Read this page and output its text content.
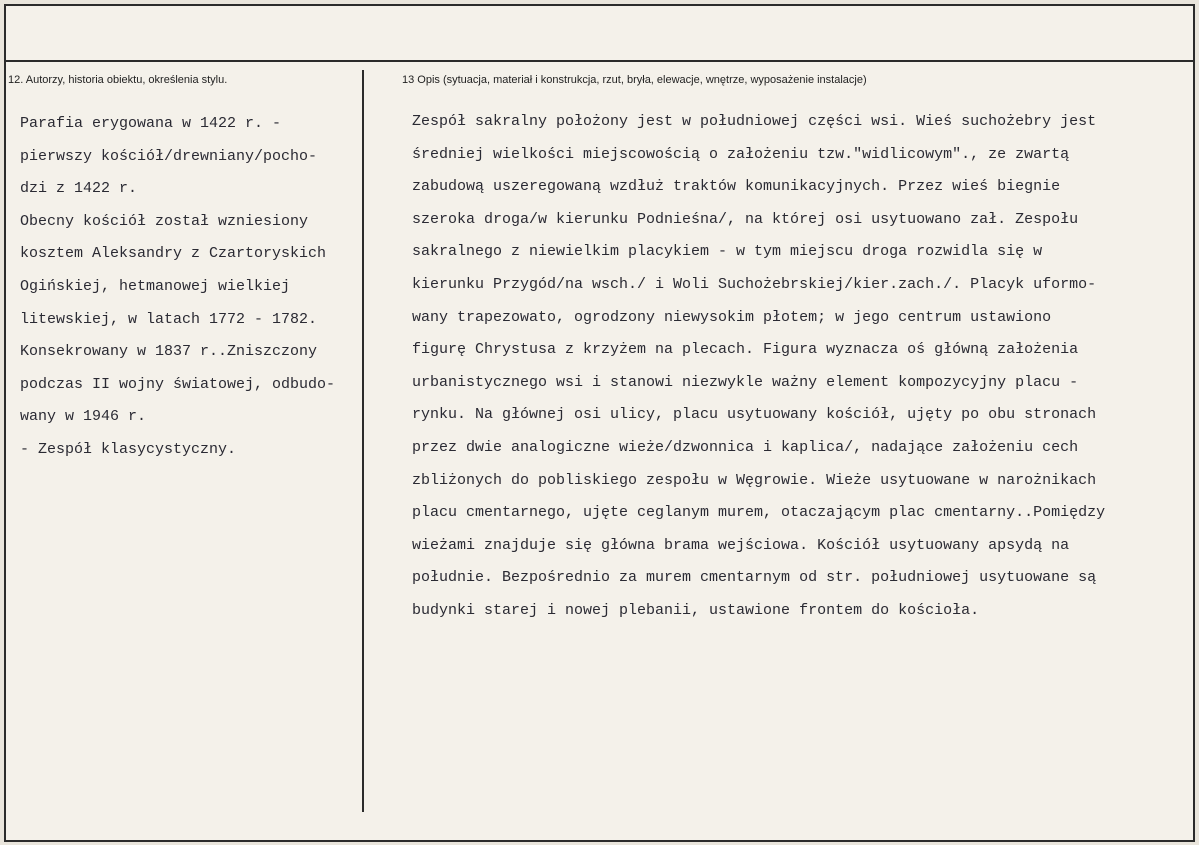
12. Autorzy, historia obiektu, określenia stylu.	13 Opis (sytuacja, materiał i konstrukcja, rzut, bryła, elewacje, wnętrze, wyposażenie instalacje)
Parafia erygowana w 1422 r. -
pierwszy kościół/drewniany/pocho-
dzi z 1422 r.
Obecny kościół został wzniesiony
kosztem Aleksandry z Czartoryskich
Ogińskiej, hetmanowej wielkiej
litewskiej, w latach 1772 - 1782.
Konsekrowany w 1837 r..Zniszczony
podczas II wojny światowej, odbudo-
wany w 1946 r.
- Zespół klasycystyczny.
Zespół sakralny położony jest w południowej części wsi. Wieś suchożebry jest
średniej wielkości miejscowością o założeniu tzw."widlicowym"., ze zwartą
zabudową uszeregowaną wzdłuż traktów komunikacyjnych. Przez wieś biegnie
szeroka droga/w kierunku Podnieśna/, na której osi usytuowano zał. Zespołu
sakralnego z niewielkim placykiem - w tym miejscu droga rozwidla się w
kierunku Przygód/na wsch./ i Woli Suchożebrskiej/kier.zach./. Placyk uformo-
wany trapezowato, ogrodzony niewysokim płotem; w jego centrum ustawiono
figurę Chrystusa z krzyżem na plecach. Figura wyznacza oś główną założenia
urbanistycznego wsi i stanowi niezwykle ważny element kompozycyjny placu -
rynku. Na głównej osi ulicy, placu usytuowany kościół, ujęty po obu stronach
przez dwie analogiczne wieże/dzwonnica i kaplica/, nadające założeniu cech
zbliżonych do pobliskiego zespołu w Węgrowie. Wieże usytuowane w narożnikach
placu cmentarnego, ujęte ceglanym murem, otaczającym plac cmentarny..Pomiędzy
wieżami znajduje się główna brama wejściowa. Kościół usytuowany apsydą na
południe. Bezpośrednio za murem cmentarnym od str. południowej usytuowane są
budynki starej i nowej plebanii, ustawione frontem do kościoła.
